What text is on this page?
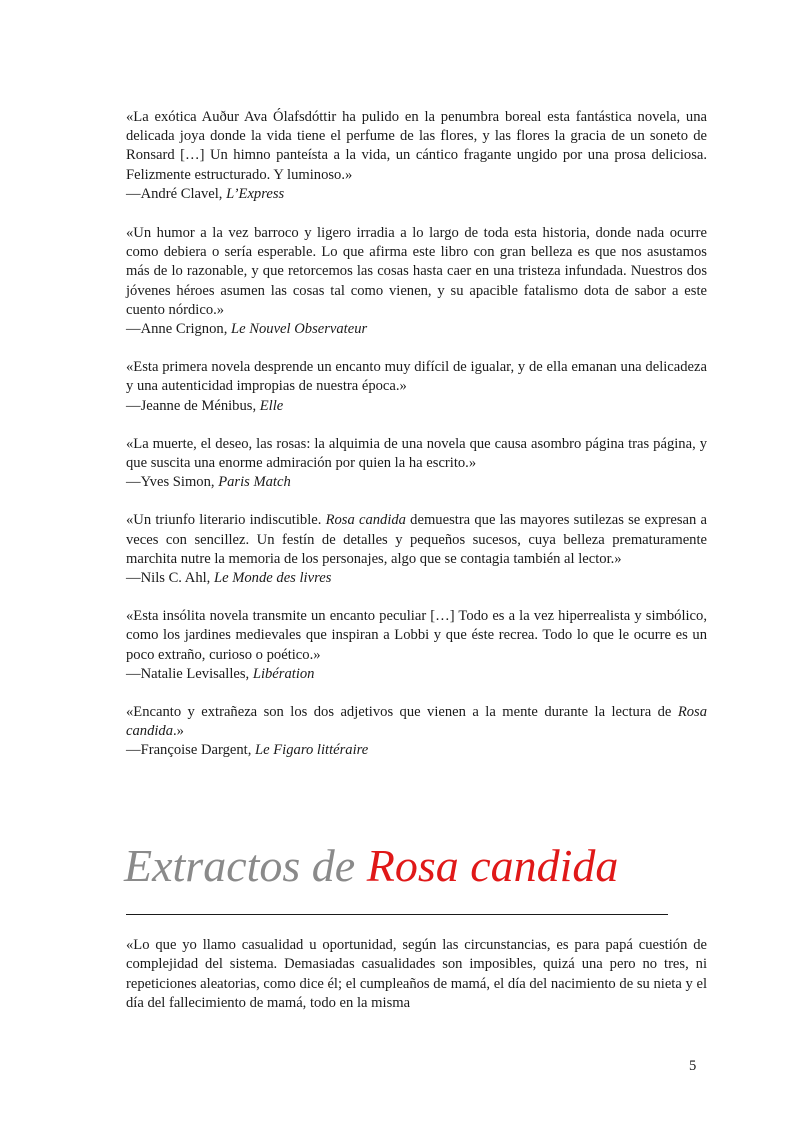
«La exótica Auður Ava Ólafsdóttir ha pulido en la penumbra boreal esta fantástica novela, una delicada joya donde la vida tiene el perfume de las flores, y las flores la gracia de un soneto de Ronsard […] Un himno panteísta a la vida, un cántico fragante ungido por una prosa deliciosa. Felizmente estructurado. Y luminoso.»

—André Clavel, L’Express

«Un humor a la vez barroco y ligero irradia a lo largo de toda esta historia, donde nada ocurre como debiera o sería esperable. Lo que afirma este libro con gran belleza es que nos asustamos más de lo razonable, y que retorcemos las cosas hasta caer en una tristeza infundada. Nuestros dos jóvenes héroes asumen las cosas tal como vienen, y su apacible fatalismo dota de sabor a este cuento nórdico.»

—Anne Crignon, Le Nouvel Observateur

«Esta primera novela desprende un encanto muy difícil de igualar, y de ella emanan una delicadeza y una autenticidad impropias de nuestra época.»

—Jeanne de Ménibus, Elle

«La muerte, el deseo, las rosas: la alquimia de una novela que causa asombro página tras página, y que suscita una enorme admiración por quien la ha escrito.»

—Yves Simon, Paris Match

«Un triunfo literario indiscutible. Rosa candida demuestra que las mayores sutilezas se expresan a veces con sencillez. Un festín de detalles y pequeños sucesos, cuya belleza prematuramente marchita nutre la memoria de los personajes, algo que se contagia también al lector.»

—Nils C. Ahl, Le Monde des livres

«Esta insólita novela transmite un encanto peculiar […] Todo es a la vez hiperrealista y simbólico, como los jardines medievales que inspiran a Lobbi y que éste recrea. Todo lo que le ocurre es un poco extraño, curioso o poético.»

—Natalie Levisalles, Libération

«Encanto y extrañeza son los dos adjetivos que vienen a la mente durante la lectura de Rosa candida.»

—Françoise Dargent, Le Figaro littéraire

Extractos de Rosa candida

«Lo que yo llamo casualidad u oportunidad, según las circunstancias, es para papá cuestión de complejidad del sistema. Demasiadas casualidades son imposibles, quizá una pero no tres, ni repeticiones aleatorias, como dice él; el cumpleaños de mamá, el día del nacimiento de su nieta y el día del fallecimiento de mamá, todo en la misma

5
